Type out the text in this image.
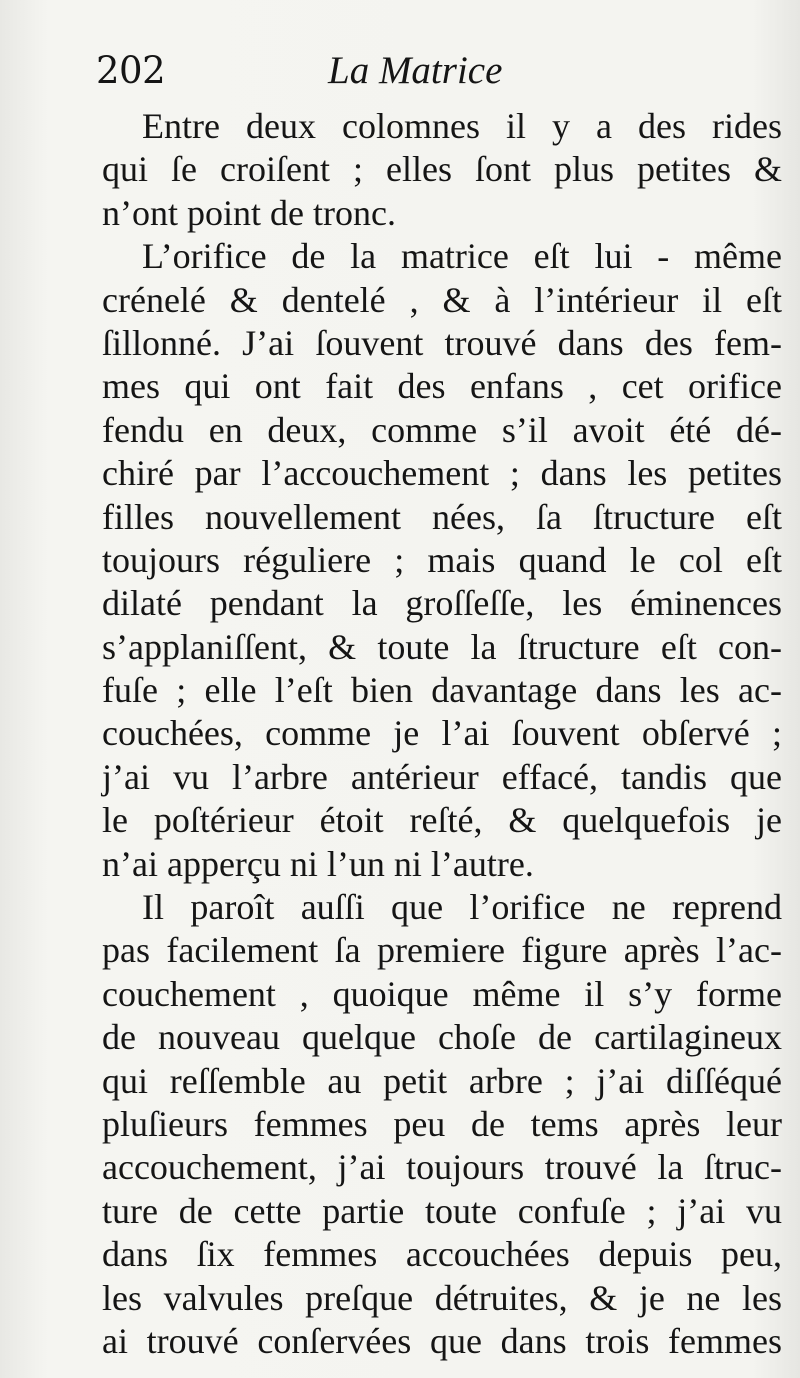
202	La Matrice
Entre deux colomnes il y a des rides
qui ſe croiſent ; elles ſont plus petites &
n’ont point de tronc.
L’orifice de la matrice eſt lui - même
crénelé & dentelé , & à l’intérieur il eſt
ſillonné. J’ai ſouvent trouvé dans des fem-
mes qui ont fait des enfans , cet orifice
fendu en deux, comme s’il avoit été dé-
chiré par l’accouchement ; dans les petites
filles nouvellement nées, ſa ſtructure eſt
toujours réguliere ; mais quand le col eſt
dilaté pendant la groſſeſſe, les éminences
s’applaniſſent, & toute la ſtructure eſt con-
fuſe ; elle l’eſt bien davantage dans les ac-
couchées, comme je l’ai ſouvent obſervé ;
j’ai vu l’arbre antérieur effacé, tandis que
le poſtérieur étoit reſté, & quelquefois je
n’ai apperçu ni l’un ni l’autre.
Il paroît auſſi que l’orifice ne reprend
pas facilement ſa premiere figure après l’ac-
couchement , quoique même il s’y forme
de nouveau quelque choſe de cartilagineux
qui reſſemble au petit arbre ; j’ai diſſéqué
pluſieurs femmes peu de tems après leur
accouchement, j’ai toujours trouvé la ſtruc-
ture de cette partie toute confuſe ; j’ai vu
dans ſix femmes accouchées depuis peu,
les valvules preſque détruites, & je ne les
ai trouvé conſervées que dans trois femmes
